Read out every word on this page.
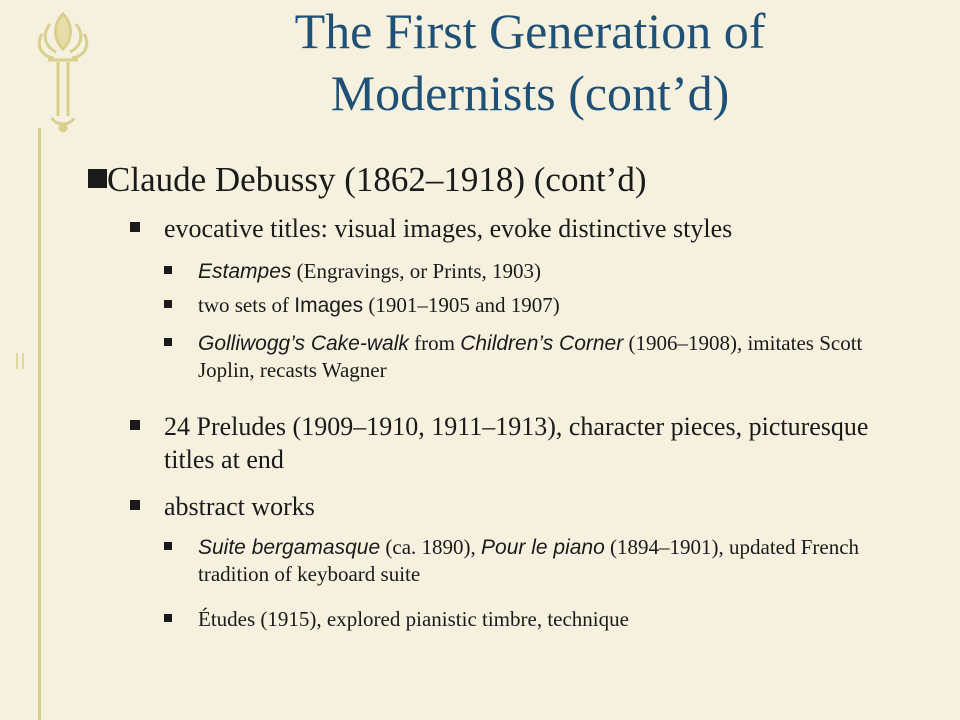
The First Generation of
Modernists (cont’d)
Claude Debussy (1862–1918) (cont’d)
evocative titles: visual images, evoke distinctive styles
Estampes (Engravings, or Prints, 1903)
two sets of Images (1901–1905 and 1907)
Golliwogg’s Cake-walk from Children’s Corner (1906–1908), imitates Scott Joplin, recasts Wagner
24 Preludes (1909–1910, 1911–1913), character pieces, picturesque titles at end
abstract works
Suite bergamasque (ca. 1890), Pour le piano (1894–1901), updated French tradition of keyboard suite
Études (1915), explored pianistic timbre, technique
